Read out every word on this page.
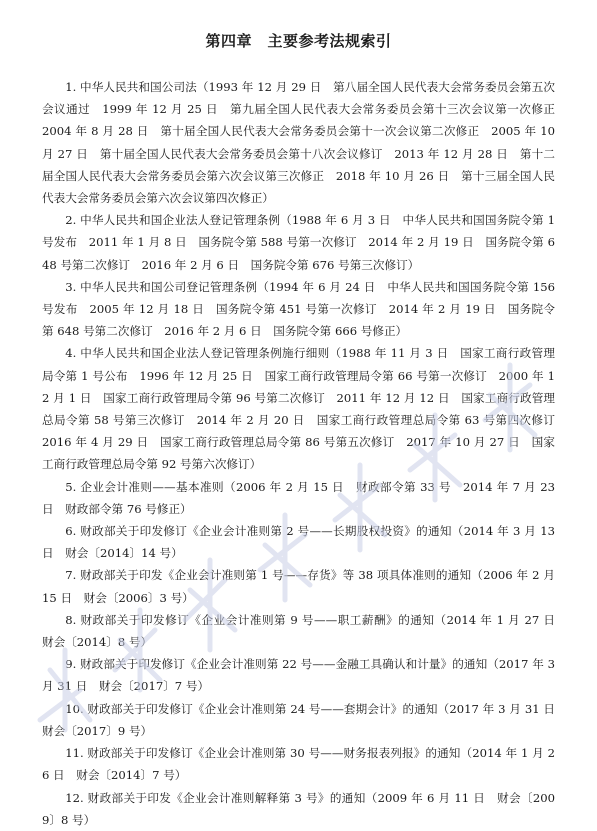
第四章　主要参考法规索引

1. 中华人民共和国公司法（1993 年 12 月 29 日　第八届全国人民代表大会常务委员会第五次会议通过　1999 年 12 月 25 日　第九届全国人民代表大会常务委员会第十三次会议第一次修正　2004 年 8 月 28 日　第十届全国人民代表大会常务委员会第十一次会议第二次修正　2005 年 10 月 27 日　第十届全国人民代表大会常务委员会第十八次会议修订　2013 年 12 月 28 日　第十二届全国人民代表大会常务委员会第六次会议第三次修正　2018 年 10 月 26 日　第十三届全国人民代表大会常务委员会第六次会议第四次修正）

2. 中华人民共和国企业法人登记管理条例（1988 年 6 月 3 日　中华人民共和国国务院令第 1 号发布　2011 年 1 月 8 日　国务院令第 588 号第一次修订　2014 年 2 月 19 日　国务院令第 648 号第二次修订　2016 年 2 月 6 日　国务院令第 676 号第三次修订）

3. 中华人民共和国公司登记管理条例（1994 年 6 月 24 日　中华人民共和国国务院令第 156 号发布　2005 年 12 月 18 日　国务院令第 451 号第一次修订　2014 年 2 月 19 日　国务院令第 648 号第二次修订　2016 年 2 月 6 日　国务院令第 666 号修正）

4. 中华人民共和国企业法人登记管理条例施行细则（1988 年 11 月 3 日　国家工商行政管理局令第 1 号公布　1996 年 12 月 25 日　国家工商行政管理局令第 66 号第一次修订　2000 年 12 月 1 日　国家工商行政管理局令第 96 号第二次修订　2011 年 12 月 12 日　国家工商行政管理总局令第 58 号第三次修订　2014 年 2 月 20 日　国家工商行政管理总局令第 63 号第四次修订　2016 年 4 月 29 日　国家工商行政管理总局令第 86 号第五次修订　2017 年 10 月 27 日　国家工商行政管理总局令第 92 号第六次修订）

5. 企业会计准则——基本准则（2006 年 2 月 15 日　财政部令第 33 号　2014 年 7 月 23 日　财政部令第 76 号修正）

6. 财政部关于印发修订《企业会计准则第 2 号——长期股权投资》的通知（2014 年 3 月 13 日　财会〔2014〕14 号）

7. 财政部关于印发《企业会计准则第 1 号——存货》等 38 项具体准则的通知（2006 年 2 月 15 日　财会〔2006〕3 号）

8. 财政部关于印发修订《企业会计准则第 9 号——职工薪酬》的通知（2014 年 1 月 27 日　财会〔2014〕8 号）

9. 财政部关于印发修订《企业会计准则第 22 号——金融工具确认和计量》的通知（2017 年 3 月 31 日　财会〔2017〕7 号）

10. 财政部关于印发修订《企业会计准则第 24 号——套期会计》的通知（2017 年 3 月 31 日　财会〔2017〕9 号）

11. 财政部关于印发修订《企业会计准则第 30 号——财务报表列报》的通知（2014 年 1 月 26 日　财会〔2014〕7 号）

12. 财政部关于印发《企业会计准则解释第 3 号》的通知（2009 年 6 月 11 日　财会〔2009〕8 号）
